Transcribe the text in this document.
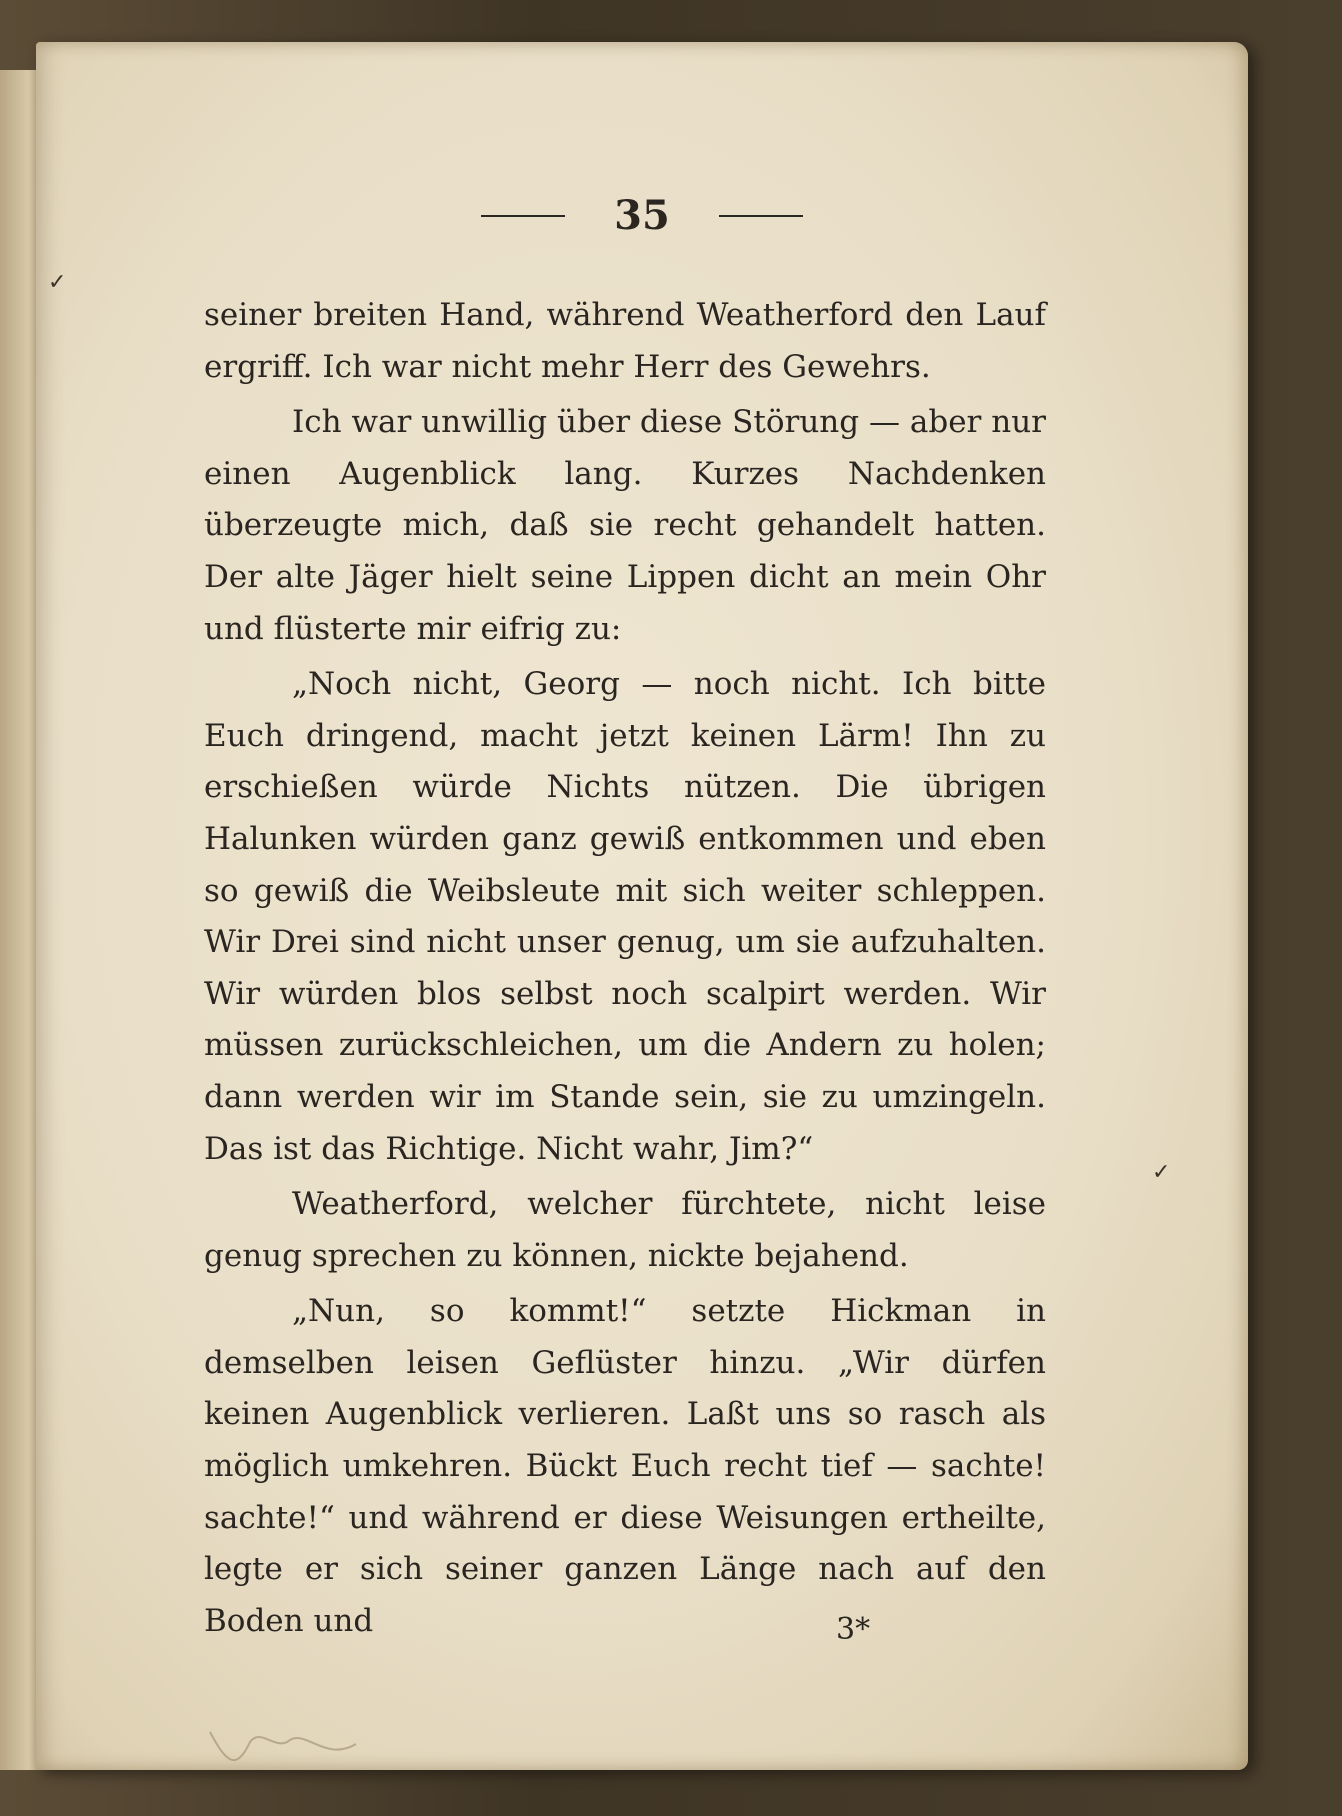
35

seiner breiten Hand, während Weatherford den Lauf ergriff. Ich war nicht mehr Herr des Gewehrs.

Ich war unwillig über diese Störung — aber nur einen Augenblick lang. Kurzes Nachdenken überzeugte mich, daß sie recht gehandelt hatten. Der alte Jäger hielt seine Lippen dicht an mein Ohr und flüsterte mir eifrig zu:

„Noch nicht, Georg — noch nicht. Ich bitte Euch dringend, macht jetzt keinen Lärm! Ihn zu erschießen würde Nichts nützen. Die übrigen Halunken würden ganz gewiß entkommen und eben so gewiß die Weibsleute mit sich weiter schleppen. Wir Drei sind nicht unser genug, um sie aufzuhalten. Wir würden blos selbst noch scalpirt werden. Wir müssen zurückschleichen, um die Andern zu holen; dann werden wir im Stande sein, sie zu umzingeln. Das ist das Richtige. Nicht wahr, Jim?“

Weatherford, welcher fürchtete, nicht leise genug sprechen zu können, nickte bejahend.

„Nun, so kommt!“ setzte Hickman in demselben leisen Geflüster hinzu. „Wir dürfen keinen Augenblick verlieren. Laßt uns so rasch als möglich umkehren. Bückt Euch recht tief — sachte! sachte!“ und während er diese Weisungen ertheilte, legte er sich seiner ganzen Länge nach auf den Boden und	3*
✓
✓
